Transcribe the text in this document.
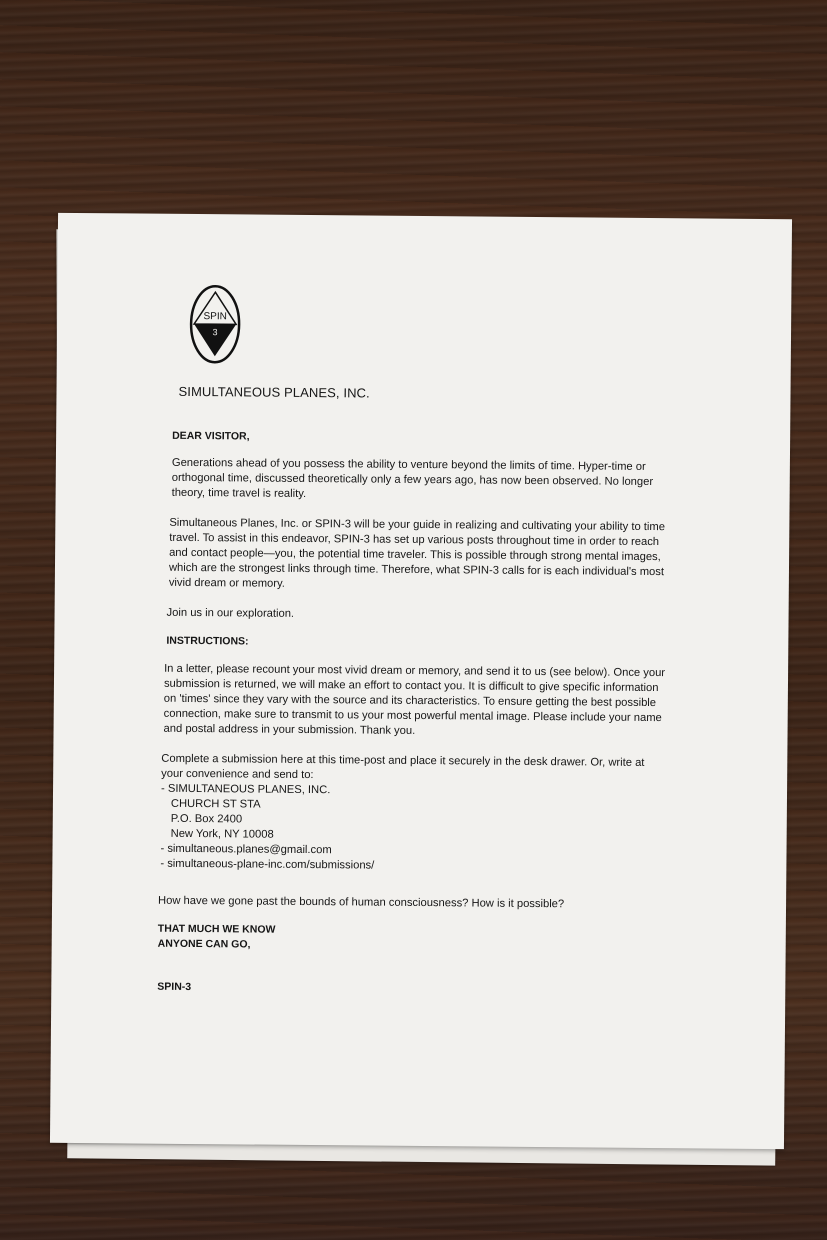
SPIN
3
SIMULTANEOUS PLANES, INC.
DEAR VISITOR,
Generations ahead of you possess the ability to venture beyond the limits of time. Hyper-time or
orthogonal time, discussed theoretically only a few years ago, has now been observed. No longer
theory, time travel is reality.
Simultaneous Planes, Inc. or SPIN-3 will be your guide in realizing and cultivating your ability to time
travel. To assist in this endeavor, SPIN-3 has set up various posts throughout time in order to reach
and contact people—you, the potential time traveler. This is possible through strong mental images,
which are the strongest links through time. Therefore, what SPIN-3 calls for is each individual's most
vivid dream or memory.
Join us in our exploration.
INSTRUCTIONS:
In a letter, please recount your most vivid dream or memory, and send it to us (see below). Once your
submission is returned, we will make an effort to contact you. It is difficult to give specific information
on 'times' since they vary with the source and its characteristics. To ensure getting the best possible
connection, make sure to transmit to us your most powerful mental image. Please include your name
and postal address in your submission. Thank you.
Complete a submission here at this time-post and place it securely in the desk drawer. Or, write at
your convenience and send to:
- SIMULTANEOUS PLANES, INC.
CHURCH ST STA
P.O. Box 2400
New York, NY 10008
- simultaneous.planes@gmail.com
- simultaneous-plane-inc.com/submissions/
How have we gone past the bounds of human consciousness? How is it possible?
THAT MUCH WE KNOW
ANYONE CAN GO,
SPIN-3
